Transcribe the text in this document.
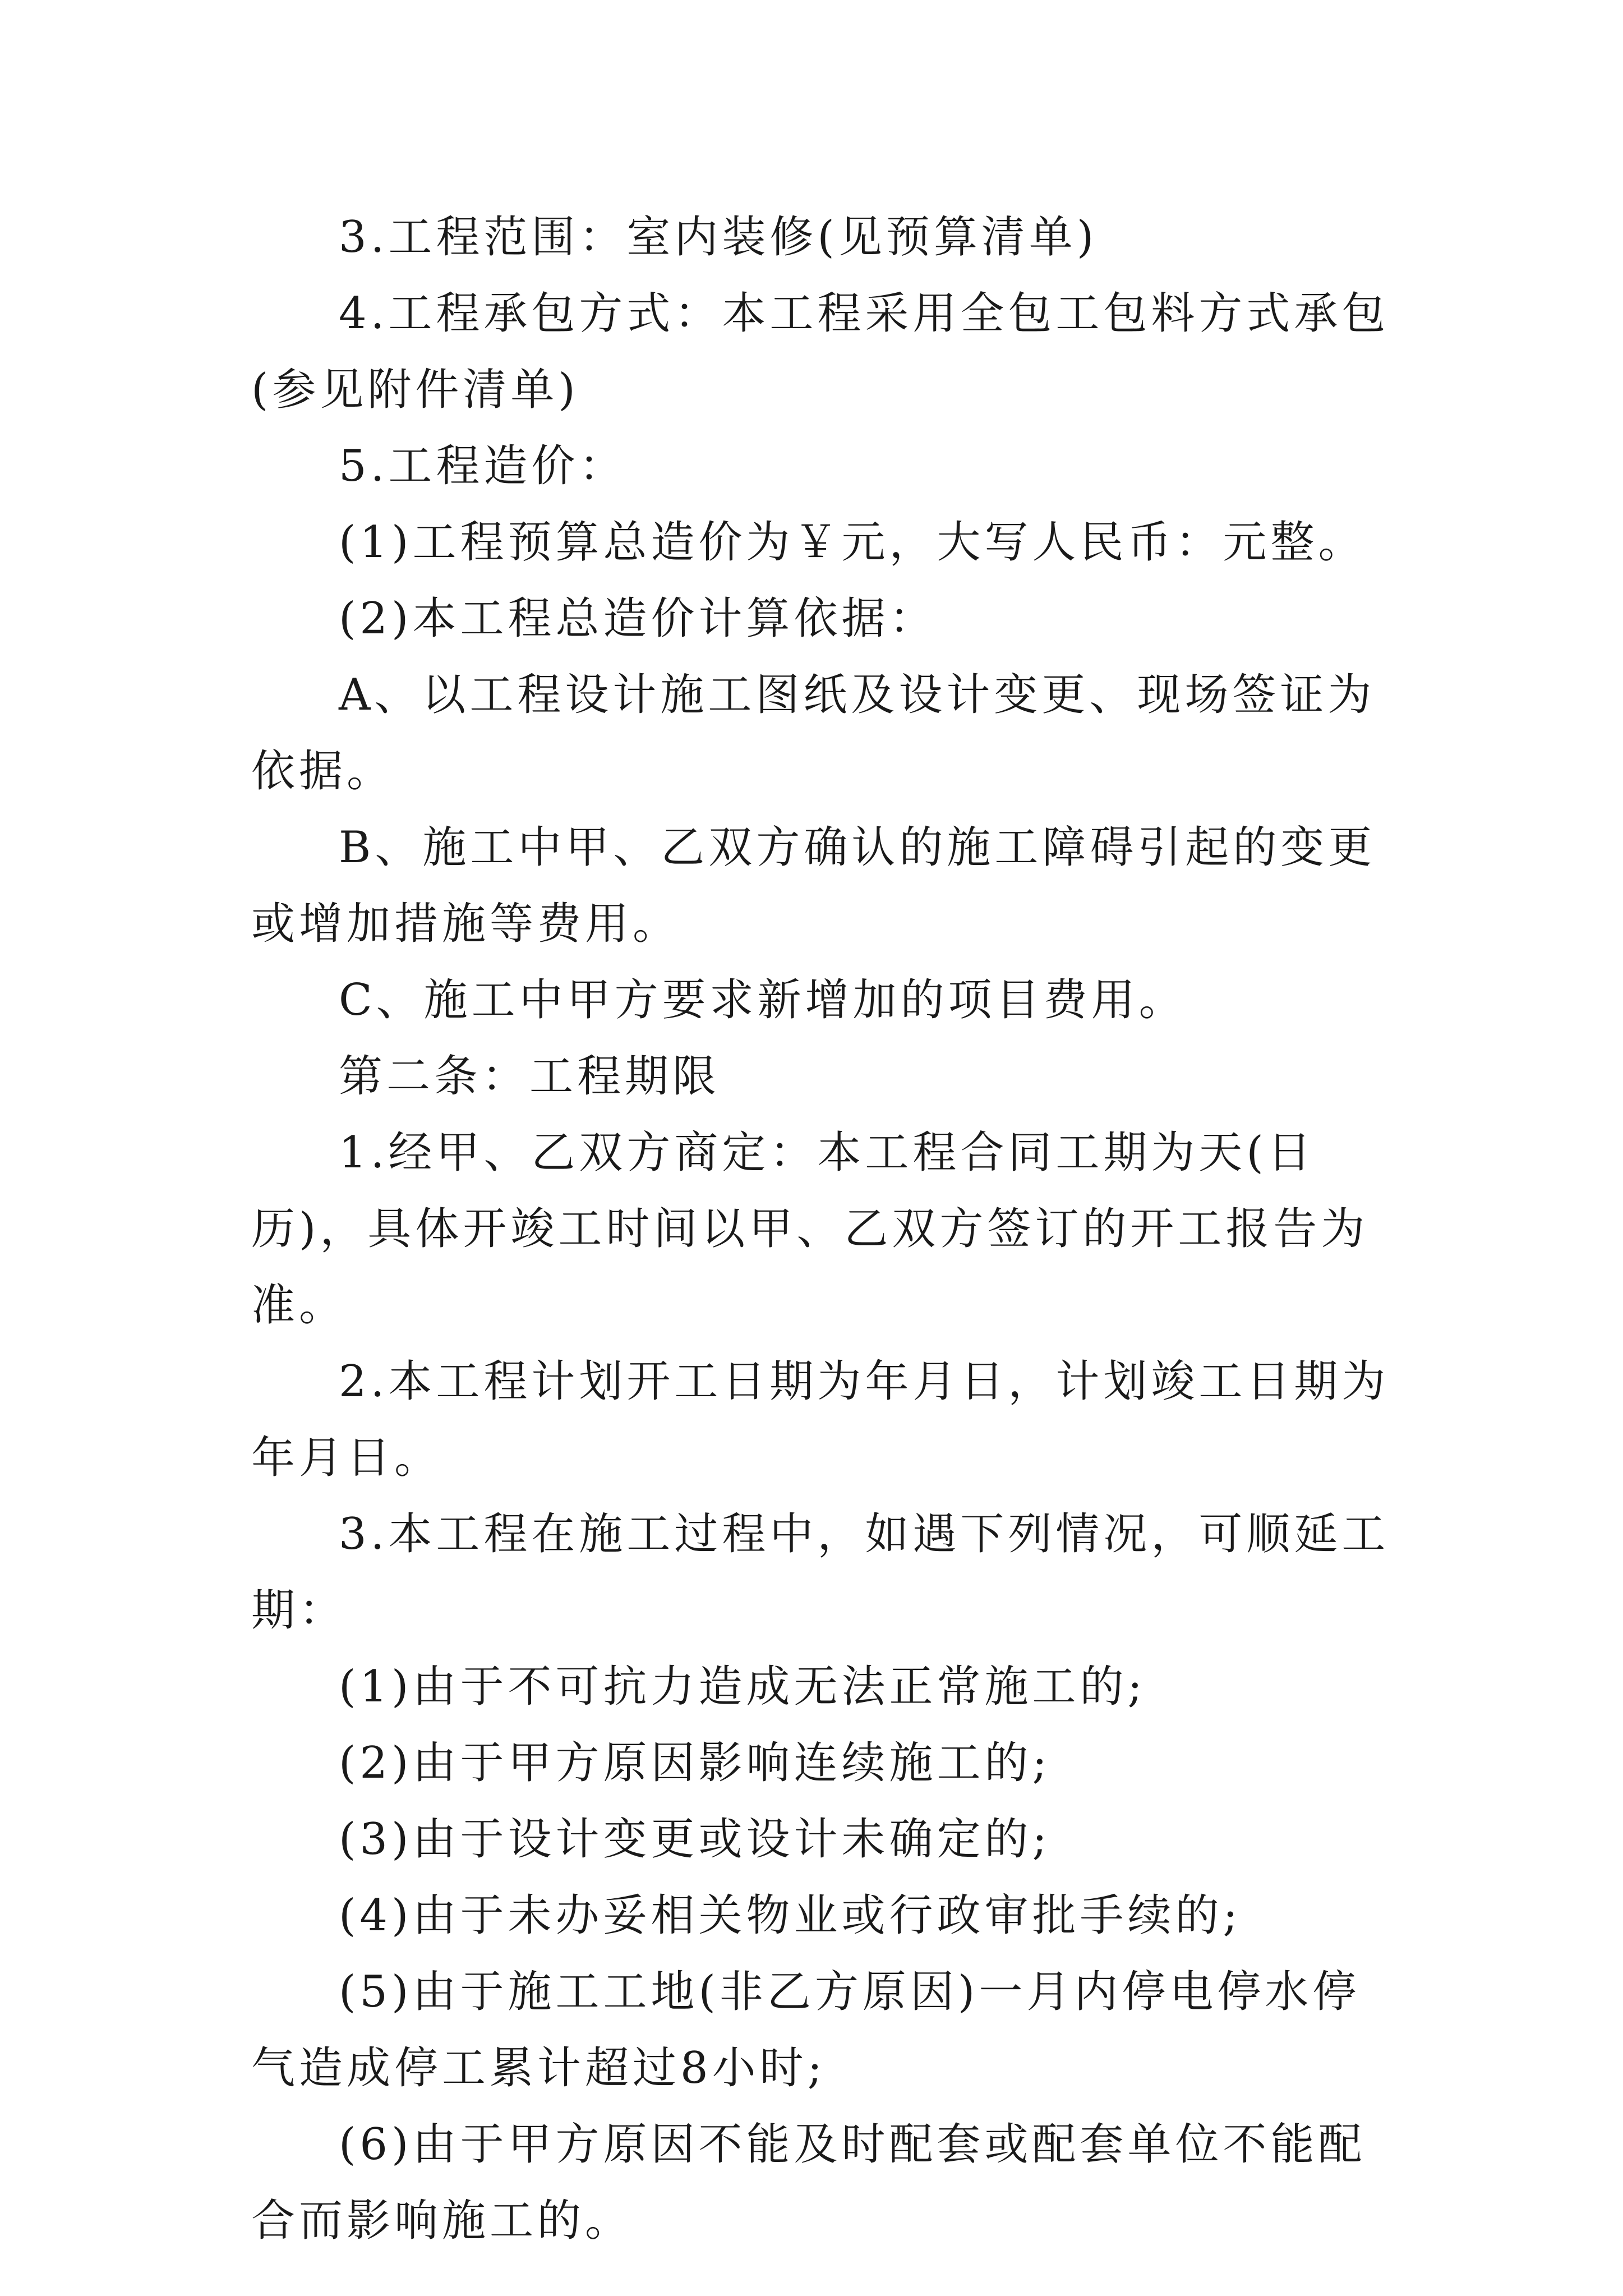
3.工程范围：室内装修(见预算清单)

4.工程承包方式：本工程采用全包工包料方式承包(参见附件清单)

5.工程造价：

(1)工程预算总造价为￥元，大写人民币：元整。

(2)本工程总造价计算依据：

A、以工程设计施工图纸及设计变更、现场签证为依据。

B、施工中甲、乙双方确认的施工障碍引起的变更或增加措施等费用。

C、施工中甲方要求新增加的项目费用。

第二条：工程期限

1.经甲、乙双方商定：本工程合同工期为天(日历)，具体开竣工时间以甲、乙双方签订的开工报告为准。

2.本工程计划开工日期为年月日，计划竣工日期为年月日。

3.本工程在施工过程中，如遇下列情况，可顺延工期：

(1)由于不可抗力造成无法正常施工的;

(2)由于甲方原因影响连续施工的;

(3)由于设计变更或设计未确定的;

(4)由于未办妥相关物业或行政审批手续的;

(5)由于施工工地(非乙方原因)一月内停电停水停气造成停工累计超过8小时;

(6)由于甲方原因不能及时配套或配套单位不能配合而影响施工的。
